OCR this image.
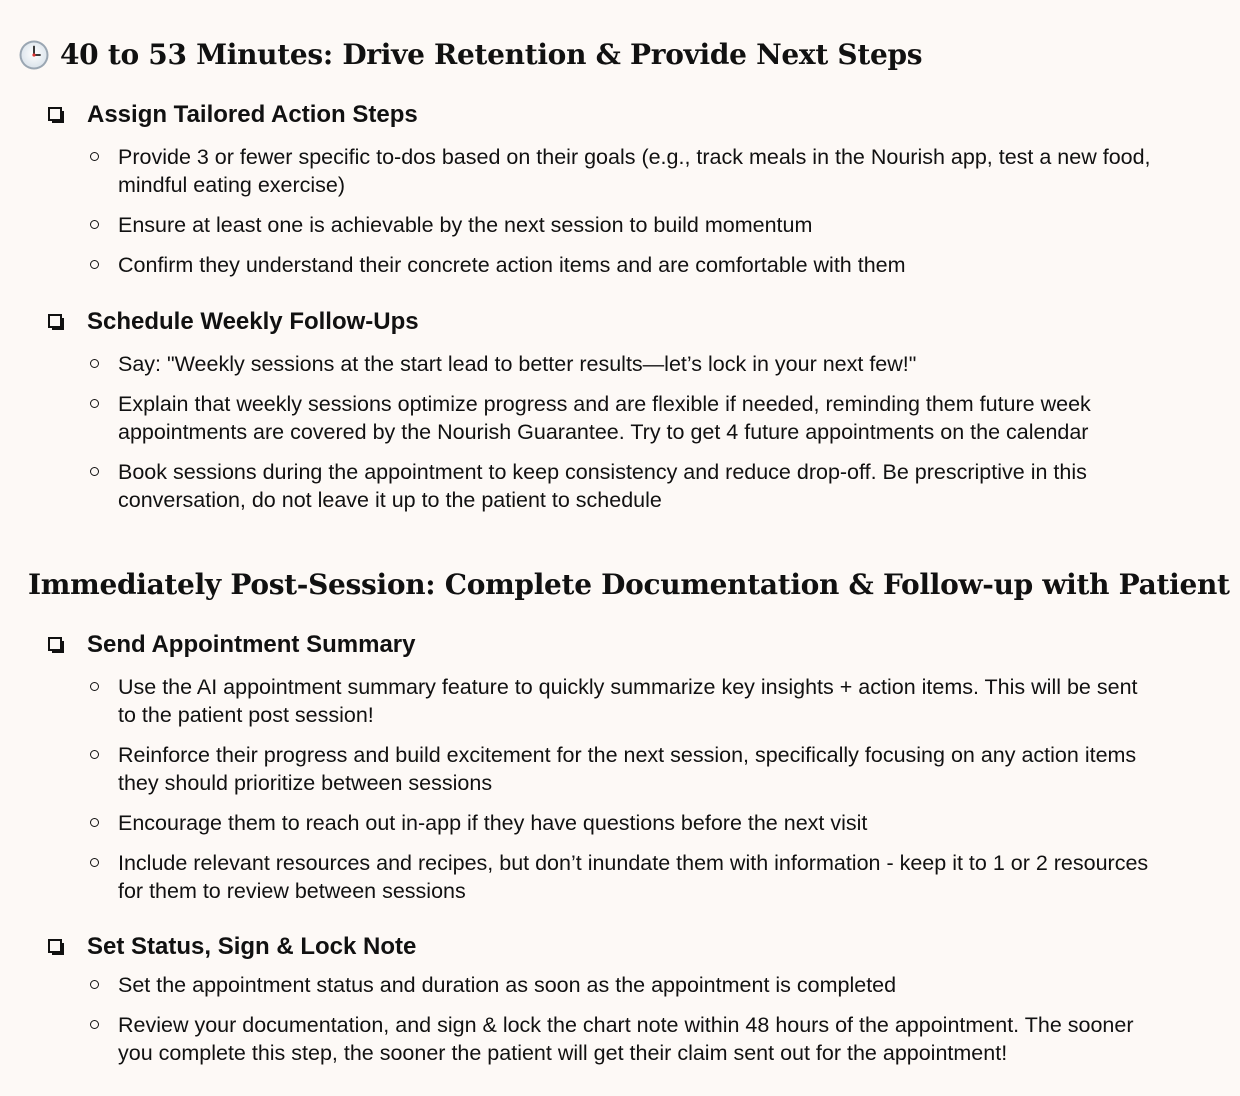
40 to 53 Minutes: Drive Retention & Provide Next Steps
Assign Tailored Action Steps
Provide 3 or fewer specific to-dos based on their goals (e.g., track meals in the Nourish app, test a new food, mindful eating exercise)
Ensure at least one is achievable by the next session to build momentum
Confirm they understand their concrete action items and are comfortable with them
Schedule Weekly Follow-Ups
Say: "Weekly sessions at the start lead to better results—let’s lock in your next few!"
Explain that weekly sessions optimize progress and are flexible if needed, reminding them future week appointments are covered by the Nourish Guarantee. Try to get 4 future appointments on the calendar
Book sessions during the appointment to keep consistency and reduce drop-off. Be prescriptive in this conversation, do not leave it up to the patient to schedule
Immediately Post-Session: Complete Documentation & Follow-up with Patient
Send Appointment Summary
Use the AI appointment summary feature to quickly summarize key insights + action items. This will be sent to the patient post session!
Reinforce their progress and build excitement for the next session, specifically focusing on any action items they should prioritize between sessions
Encourage them to reach out in-app if they have questions before the next visit
Include relevant resources and recipes, but don’t inundate them with information - keep it to 1 or 2 resources for them to review between sessions
Set Status, Sign & Lock Note
Set the appointment status and duration as soon as the appointment is completed
Review your documentation, and sign & lock the chart note within 48 hours of the appointment. The sooner you complete this step, the sooner the patient will get their claim sent out for the appointment!
